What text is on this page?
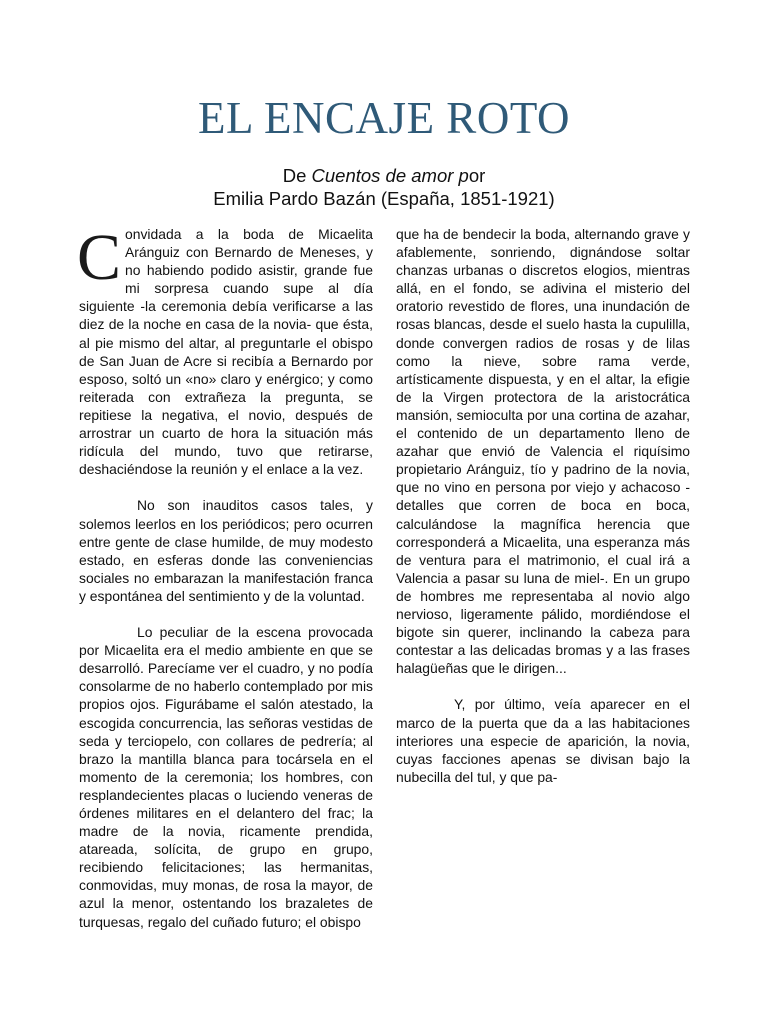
EL ENCAJE ROTO
De Cuentos de amor por
Emilia Pardo Bazán (España, 1851-1921)

Convidada a la boda de Micaelita Aránguiz con Bernardo de Meneses, y no habiendo podido asistir, grande fue mi sorpresa cuando supe al día siguiente -la ceremonia debía verificarse a las diez de la noche en casa de la novia- que ésta, al pie mismo del altar, al preguntarle el obispo de San Juan de Acre si recibía a Bernardo por esposo, soltó un «no» claro y enérgico; y como reiterada con extrañeza la pregunta, se repitiese la negativa, el novio, después de arrostrar un cuarto de hora la situación más ridícula del mundo, tuvo que retirarse, deshaciéndose la reunión y el enlace a la vez.

No son inauditos casos tales, y solemos leerlos en los periódicos; pero ocurren entre gente de clase humilde, de muy modesto estado, en esferas donde las conveniencias sociales no embarazan la manifestación franca y espontánea del sentimiento y de la voluntad.

Lo peculiar de la escena provocada por Micaelita era el medio ambiente en que se desarrolló. Parecíame ver el cuadro, y no podía consolarme de no haberlo contemplado por mis propios ojos. Figurábame el salón atestado, la escogida concurrencia, las señoras vestidas de seda y terciopelo, con collares de pedrería; al brazo la mantilla blanca para tocársela en el momento de la ceremonia; los hombres, con resplandecientes placas o luciendo veneras de órdenes militares en el delantero del frac; la madre de la novia, ricamente prendida, atareada, solícita, de grupo en grupo, recibiendo felicitaciones; las hermanitas, conmovidas, muy monas, de rosa la mayor, de azul la menor, ostentando los brazaletes de turquesas, regalo del cuñado futuro; el obispo

que ha de bendecir la boda, alternando grave y afablemente, sonriendo, dignándose soltar chanzas urbanas o discretos elogios, mientras allá, en el fondo, se adivina el misterio del oratorio revestido de flores, una inundación de rosas blancas, desde el suelo hasta la cupulilla, donde convergen radios de rosas y de lilas como la nieve, sobre rama verde, artísticamente dispuesta, y en el altar, la efigie de la Virgen protectora de la aristocrática mansión, semioculta por una cortina de azahar, el contenido de un departamento lleno de azahar que envió de Valencia el riquísimo propietario Aránguiz, tío y padrino de la novia, que no vino en persona por viejo y achacoso -detalles que corren de boca en boca, calculándose la magnífica herencia que corresponderá a Micaelita, una esperanza más de ventura para el matrimonio, el cual irá a Valencia a pasar su luna de miel-. En un grupo de hombres me representaba al novio algo nervioso, ligeramente pálido, mordiéndose el bigote sin querer, inclinando la cabeza para contestar a las delicadas bromas y a las frases halagüeñas que le dirigen...

Y, por último, veía aparecer en el marco de la puerta que da a las habitaciones interiores una especie de aparición, la novia, cuyas facciones apenas se divisan bajo la nubecilla del tul, y que pa-
